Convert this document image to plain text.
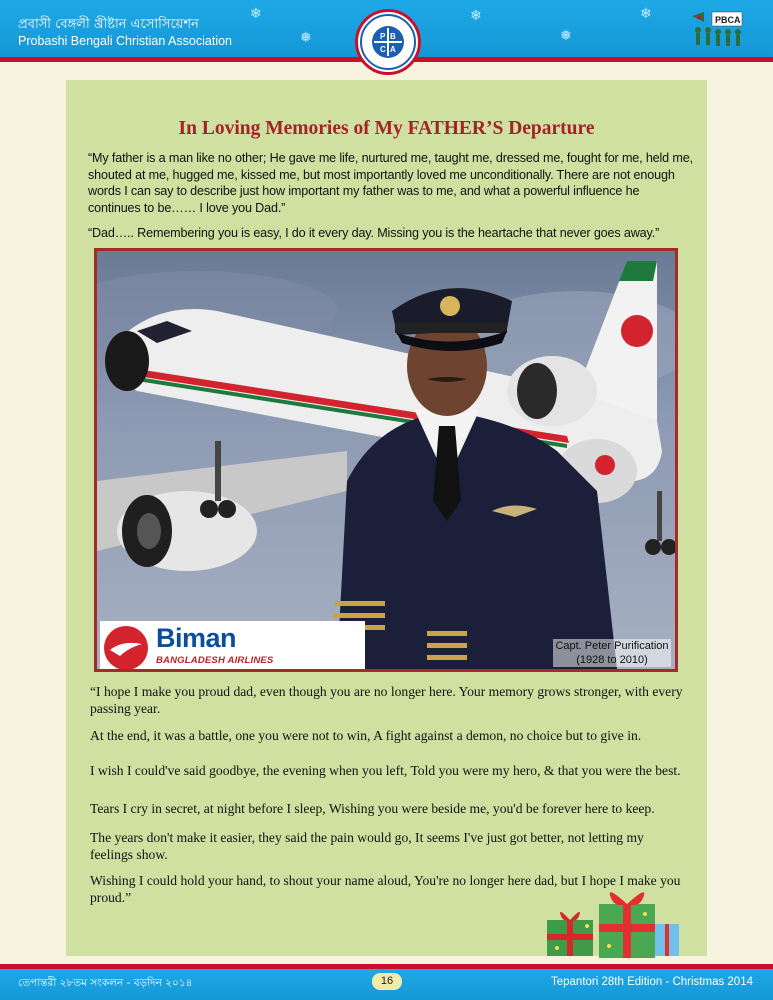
❄
❅
❄
❅
❄
প্রবাসী বেঙ্গলী খ্রীষ্টান এসোসিয়েশন
Probashi Bengali Christian Association	P B
C A
PBCA
In Loving Memories of My FATHER’S Departure
“My father is a man like no other; He gave me life, nurtured me, taught me, dressed me, fought for me, held me, shouted at me, hugged me, kissed me, but most importantly loved me unconditionally. There are not enough words I can say to describe just how important my father was to me, and what a powerful influence he continues to be…… I love you Dad.”
“Dad….. Remembering you is easy, I do it every day. Missing you is the heartache that never goes away.”
Biman
BANGLADESH AIRLINES
Capt. Peter Purification
(1928 to 2010)
“I hope I make you proud dad, even though you are no longer here. Your memory grows stronger, with every passing year.
At the end, it was a battle, one you were not to win, A fight against a demon, no choice but to give in.
I wish I could've said goodbye, the evening when you left, Told you were my hero, & that you were the best.
Tears I cry in secret, at night before I sleep, Wishing you were beside me, you'd be forever here to keep.
The years don't make it easier, they said the pain would go, It seems I've just got better, not letting my feelings show.
Wishing I could hold your hand, to shout your name aloud, You're no longer here dad, but I hope I make you proud.”
তেপান্তরী ২৮তম সংকলন - বড়দিন ২০১৪	16	Tepantori 28th Edition - Christmas 2014
